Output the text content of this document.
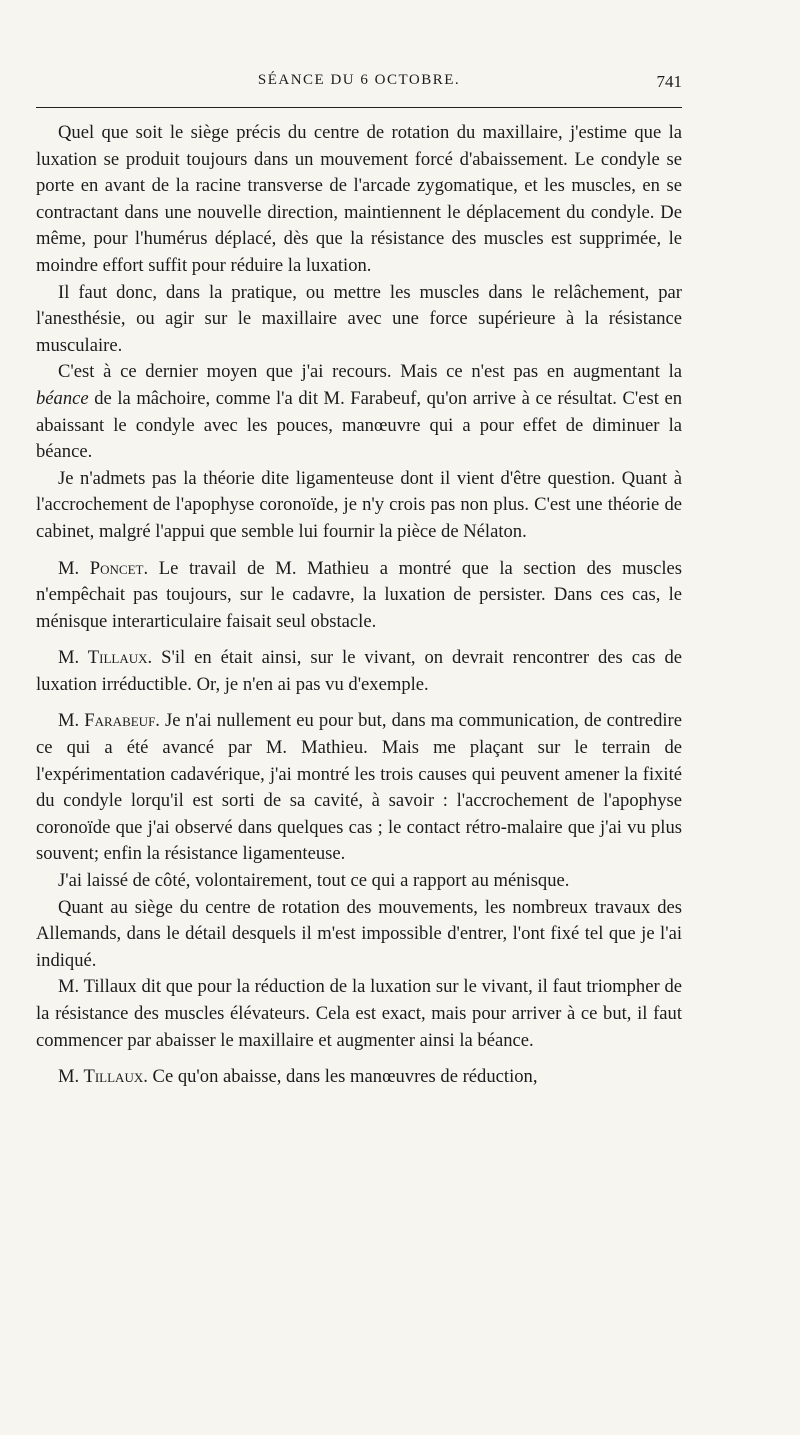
SÉANCE DU 6 OCTOBRE.	741

Quel que soit le siège précis du centre de rotation du maxillaire, j'estime que la luxation se produit toujours dans un mouvement forcé d'abaissement. Le condyle se porte en avant de la racine transverse de l'arcade zygomatique, et les muscles, en se contractant dans une nouvelle direction, maintiennent le déplacement du condyle. De même, pour l'humérus déplacé, dès que la résistance des muscles est supprimée, le moindre effort suffit pour réduire la luxation.

Il faut donc, dans la pratique, ou mettre les muscles dans le relâchement, par l'anesthésie, ou agir sur le maxillaire avec une force supérieure à la résistance musculaire.

C'est à ce dernier moyen que j'ai recours. Mais ce n'est pas en augmentant la béance de la mâchoire, comme l'a dit M. Farabeuf, qu'on arrive à ce résultat. C'est en abaissant le condyle avec les pouces, manœuvre qui a pour effet de diminuer la béance.

Je n'admets pas la théorie dite ligamenteuse dont il vient d'être question. Quant à l'accrochement de l'apophyse coronoïde, je n'y crois pas non plus. C'est une théorie de cabinet, malgré l'appui que semble lui fournir la pièce de Nélaton.

M. Poncet. Le travail de M. Mathieu a montré que la section des muscles n'empêchait pas toujours, sur le cadavre, la luxation de persister. Dans ces cas, le ménisque interarticulaire faisait seul obstacle.

M. Tillaux. S'il en était ainsi, sur le vivant, on devrait rencontrer des cas de luxation irréductible. Or, je n'en ai pas vu d'exemple.

M. Farabeuf. Je n'ai nullement eu pour but, dans ma communication, de contredire ce qui a été avancé par M. Mathieu. Mais me plaçant sur le terrain de l'expérimentation cadavérique, j'ai montré les trois causes qui peuvent amener la fixité du condyle lorqu'il est sorti de sa cavité, à savoir : l'accrochement de l'apophyse coronoïde que j'ai observé dans quelques cas ; le contact rétro-malaire que j'ai vu plus souvent; enfin la résistance ligamenteuse.

J'ai laissé de côté, volontairement, tout ce qui a rapport au ménisque.

Quant au siège du centre de rotation des mouvements, les nombreux travaux des Allemands, dans le détail desquels il m'est impossible d'entrer, l'ont fixé tel que je l'ai indiqué.

M. Tillaux dit que pour la réduction de la luxation sur le vivant, il faut triompher de la résistance des muscles élévateurs. Cela est exact, mais pour arriver à ce but, il faut commencer par abaisser le maxillaire et augmenter ainsi la béance.

M. Tillaux. Ce qu'on abaisse, dans les manœuvres de réduction,
